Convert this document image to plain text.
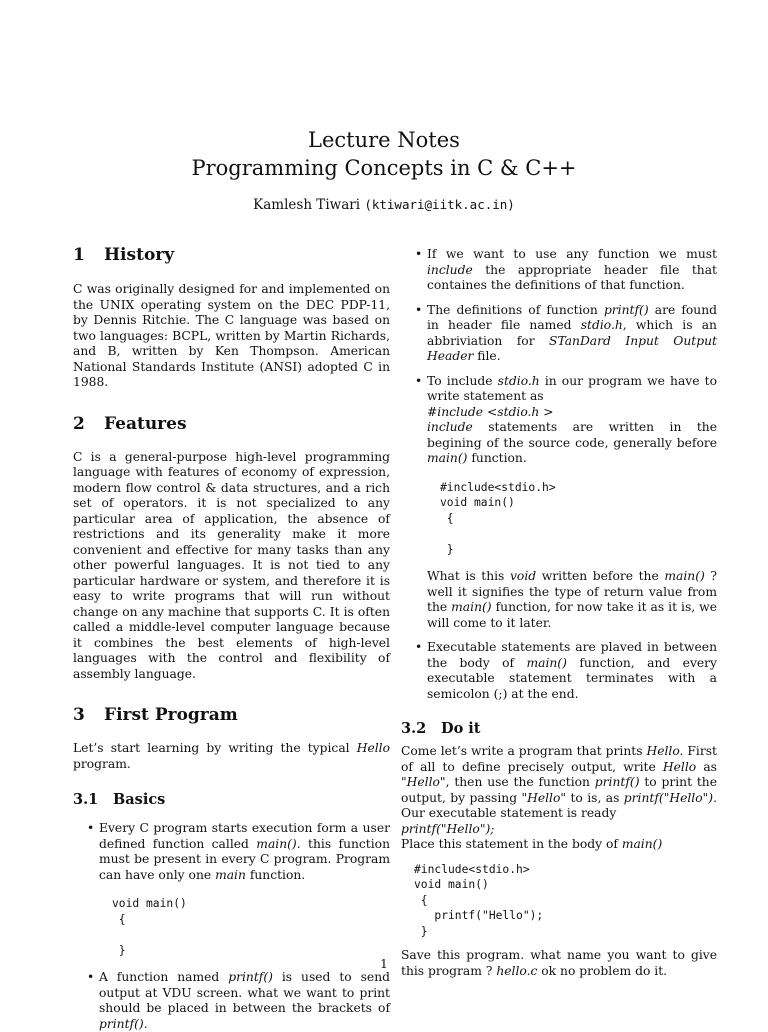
Lecture Notes
Programming Concepts in C & C++
Kamlesh Tiwari (ktiwari@iitk.ac.in)
1 History

C was originally designed for and implemented on the UNIX operating system on the DEC PDP-11, by Dennis Ritchie. The C language was based on two languages: BCPL, written by Martin Richards, and B, written by Ken Thompson. American National Standards Institute (ANSI) adopted C in 1988.

2 Features

C is a general-purpose high-level programming language with features of economy of expression, modern flow control & data structures, and a rich set of operators. it is not specialized to any particular area of application, the absence of restrictions and its generality make it more convenient and effective for many tasks than any other powerful languages. It is not tied to any particular hardware or system, and therefore it is easy to write programs that will run without change on any machine that supports C. It is often called a middle-level computer language because it combines the best elements of high-level languages with the control and flexibility of assembly language.

3 First Program

Let’s start learning by writing the typical Hello program.

3.1 Basics
• Every C program starts execution form a user defined function called main(). this function must be present in every C program. Program can have only one main function.
void main()
{

}
• A function named printf() is used to send output at VDU screen. what we want to print should be placed in between the brackets of printf().
• If we want to use any function we must include the appropriate header file that containes the definitions of that function.
• The definitions of function printf() are found in header file named stdio.h, which is an abbriviation for STanDard Input Output Header file.
• To include stdio.h in our program we have to write statement as
#include <stdio.h >
include statements are written in the begining of the source code, generally before main() function.
#include<stdio.h>
void main()
{

}
What is this void written before the main() ? well it signifies the type of return value from the main() function, for now take it as it is, we will come to it later.
• Executable statements are plaved in between the body of main() function, and every executable statement terminates with a semicolon (;) at the end.
3.2 Do it

Come let’s write a program that prints Hello. First of all to define precisely output, write Hello as "Hello", then use the function printf() to print the output, by passing "Hello" to is, as printf("Hello"). Our executable statement is ready
printf("Hello");
Place this statement in the body of main()

#include<stdio.h>
void main()
{
printf("Hello");
}

Save this program. what name you want to give this program ? hello.c ok no problem do it.

1
